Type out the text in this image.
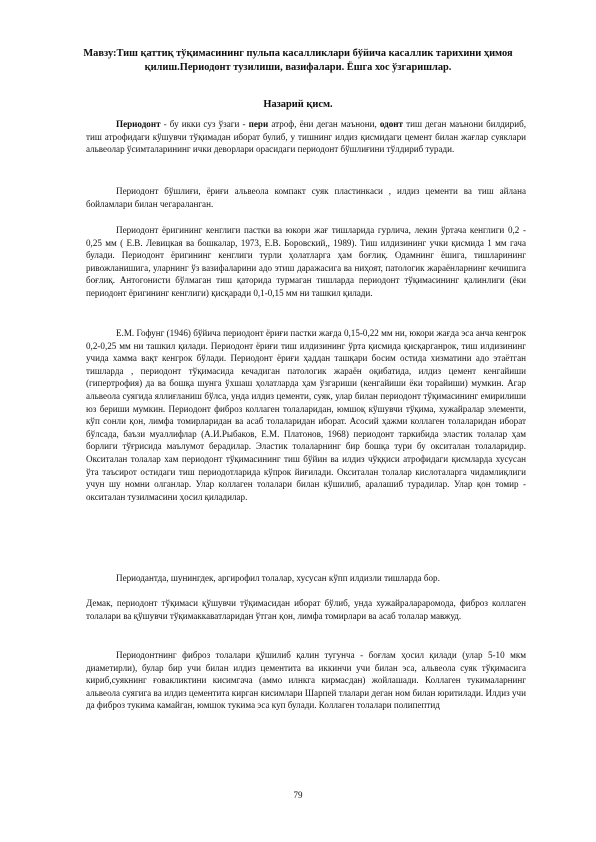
Мавзу:Тиш қаттиқ тўқимасининг пульпа касалликлари бўйича касаллик тарихини ҳимоя қилиш.Периодонт тузилиши, вазифалари. Ёшга хос ўзгаришлар.
Назарий қисм.

Периодонт - бу икки суз ўзаги - пери атроф, ёни деган маънони, одонт тиш деган маънони билдириб, тиш атрофидаги кўшувчи тўқимадан иборат булиб, у тишнинг илдиз қисмидаги цемент билан жағлар суяклари альвеолар ўсимталарининг ички деворлари орасидаги периодонт бўшлиғини тўлдириб туради.

Периодонт бўшлиғи, ёриғи альвеола компакт суяк пластинкаси , илдиз цементи ва тиш айлана бойламлари билан чегараланган.

Периодонт ёригининг кенглиги пастки ва юкори жағ тишларида гурлича, лекин ўртача кенглиги 0,2 - 0,25 мм ( Е.В. Левицкая ва бошкалар, 1973, Е.В. Боровский,, 1989). Тиш илдизининг учки қисмида 1 мм гача булади. Периодонт ёригининг кенглиги турли ҳолатларга ҳам боғлиқ. Одамнинг ёшига, тишларининг ривожланишига, уларнинг ўз вазифаларини адо этиш даражасига ва ниҳоят, патологик жараёнларнинг кечишига боғлиқ. Антогонисти бўлмаган тиш қаторида турмаган тишларда периодонт тўқимасининг қалинлиги (ёки периодонт ёригининг кенглиги) қисқаради 0,1-0,15 мм ни ташкил қилади.

Е.М. Гофунг (1946) бўйича периодонт ёриғи пастки жағда 0,15-0,22 мм ни, юкори жағда эса анча кенгрок 0,2-0,25 мм ни ташкил қилади. Периодонт ёриғи тиш илдизининг ўрта қисмида қисқарганрок, тиш илдизининг учида хамма вақт кенгрок бўлади. Периодонт ёриғи ҳаддан ташқари босим остида хизматини адо этаётган тишларда , периодонт тўқимасида кечадиган патологик жараён оқибатида, илдиз цемент кенгайиши (гипертрофия) да ва бошқа шунга ўхшаш ҳолатларда ҳам ўзгариши (кенгайиши ёки торайиши) мумкин. Агар альвеола суягида яллиғланиш бўлса, унда илдиз цементи, суяк, улар билан периодонт тўқимасининг емирилиши юз бериши мумкин. Периодонт фиброз коллаген толаларидан, юмшоқ кўшувчи тўқима, хужайралар элементи, кўп сонли қон, лимфа томирларидан ва асаб толаларидан иборат. Асосий ҳажми коллаген толаларидан иборат бўлсада, баъзи муаллифлар (А.И.Рыбаков, Е.М. Платонов, 1968) периодонт таркибида эластик толалар ҳам борлиги тўғрисида маълумот берадилар. Эластик толаларнинг бир бошқа тури бу окситалан толаларидир. Окситалан толалар хам периодонт тўқимасининг тиш бўйин ва илдиз чўққиси атрофидаги қисмларда хусусан ўта таъсирот остидаги тиш периодотларида кўпрок йиғилади. Окситалан толалар кислоталарга чидамлиқлиги учун шу номни олганлар. Улар коллаген толалари билан кўшилиб, аралашиб турадилар. Улар қон томир - окситалан тузилмасини ҳосил қиладилар.

Периодантда, шунингдек, аргирофил толалар, хусусан кўпп илдизли тишларда бор.

Демак, периодонт тўқимаси қўшувчи тўқимасидан иборат бўлиб, унда хужайралараромода, фиброз коллаген толалари ва қўшувчи тўқимаккаватларидан ўтган қон, лимфа томирлари ва асаб толалар мавжуд.

Периодонтнинг фиброз толалари қўшилиб қалин тугунча - боғлам ҳосил қилади (улар 5-10 мкм диаметирли), булар бир учи билан илдиз цементита ва иккинчи учи билан эса, альвеола суяк тўқимасига кириб,суякнинг ғовакликтини кисимгача (аммо илнкга кирмасдан) жойлашади. Коллаген тукималарнинг альвеола суягига ва илдиз цементита кирган кисимлари Шарпей тлалари деган ном билан юритилади. Илдиз учи да фиброз тукима камайган, юмшок тукима эса куп булади. Коллаген толалари полипептид

79
